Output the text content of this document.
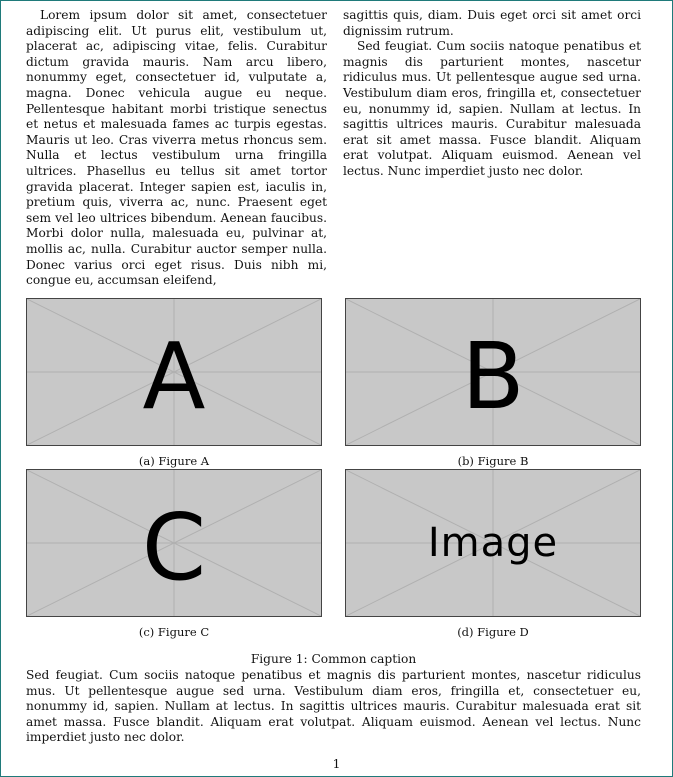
Lorem ipsum dolor sit amet, consectetuer adipiscing elit. Ut purus elit, vestibulum ut, placerat ac, adipiscing vitae, felis. Curabitur dictum gravida mauris. Nam arcu libero, nonummy eget, consectetuer id, vulputate a, magna. Donec vehicula augue eu neque. Pellentesque habitant morbi tristique senectus et netus et malesuada fames ac turpis egestas. Mauris ut leo. Cras viverra metus rhoncus sem. Nulla et lectus vestibulum urna fringilla ultrices. Phasellus eu tellus sit amet tortor gravida placerat. Integer sapien est, iaculis in, pretium quis, viverra ac, nunc. Praesent eget sem vel leo ultrices bibendum. Aenean faucibus. Morbi dolor nulla, malesuada eu, pulvinar at, mollis ac, nulla. Curabitur auctor semper nulla. Donec varius orci eget risus. Duis nibh mi, congue eu, accumsan eleifend,

sagittis quis, diam. Duis eget orci sit amet orci dignissim rutrum.

Sed feugiat. Cum sociis natoque penatibus et magnis dis parturient montes, nascetur ridiculus mus. Ut pellentesque augue sed urna. Vestibulum diam eros, fringilla et, consectetuer eu, nonummy id, sapien. Nullam at lectus. In sagittis ultrices mauris. Curabitur malesuada erat sit amet massa. Fusce blandit. Aliquam erat volutpat. Aliquam euismod. Aenean vel lectus. Nunc imperdiet justo nec dolor.

A
(a) Figure A
B
(b) Figure B
C
(c) Figure C
Image
(d) Figure D
Figure 1: Common caption

Sed feugiat. Cum sociis natoque penatibus et magnis dis parturient montes, nascetur ridiculus mus. Ut pellentesque augue sed urna. Vestibulum diam eros, fringilla et, consectetuer eu, nonummy id, sapien. Nullam at lectus. In sagittis ultrices mauris. Curabitur malesuada erat sit amet massa. Fusce blandit. Aliquam erat volutpat. Aliquam euismod. Aenean vel lectus. Nunc imperdiet justo nec dolor.

1
